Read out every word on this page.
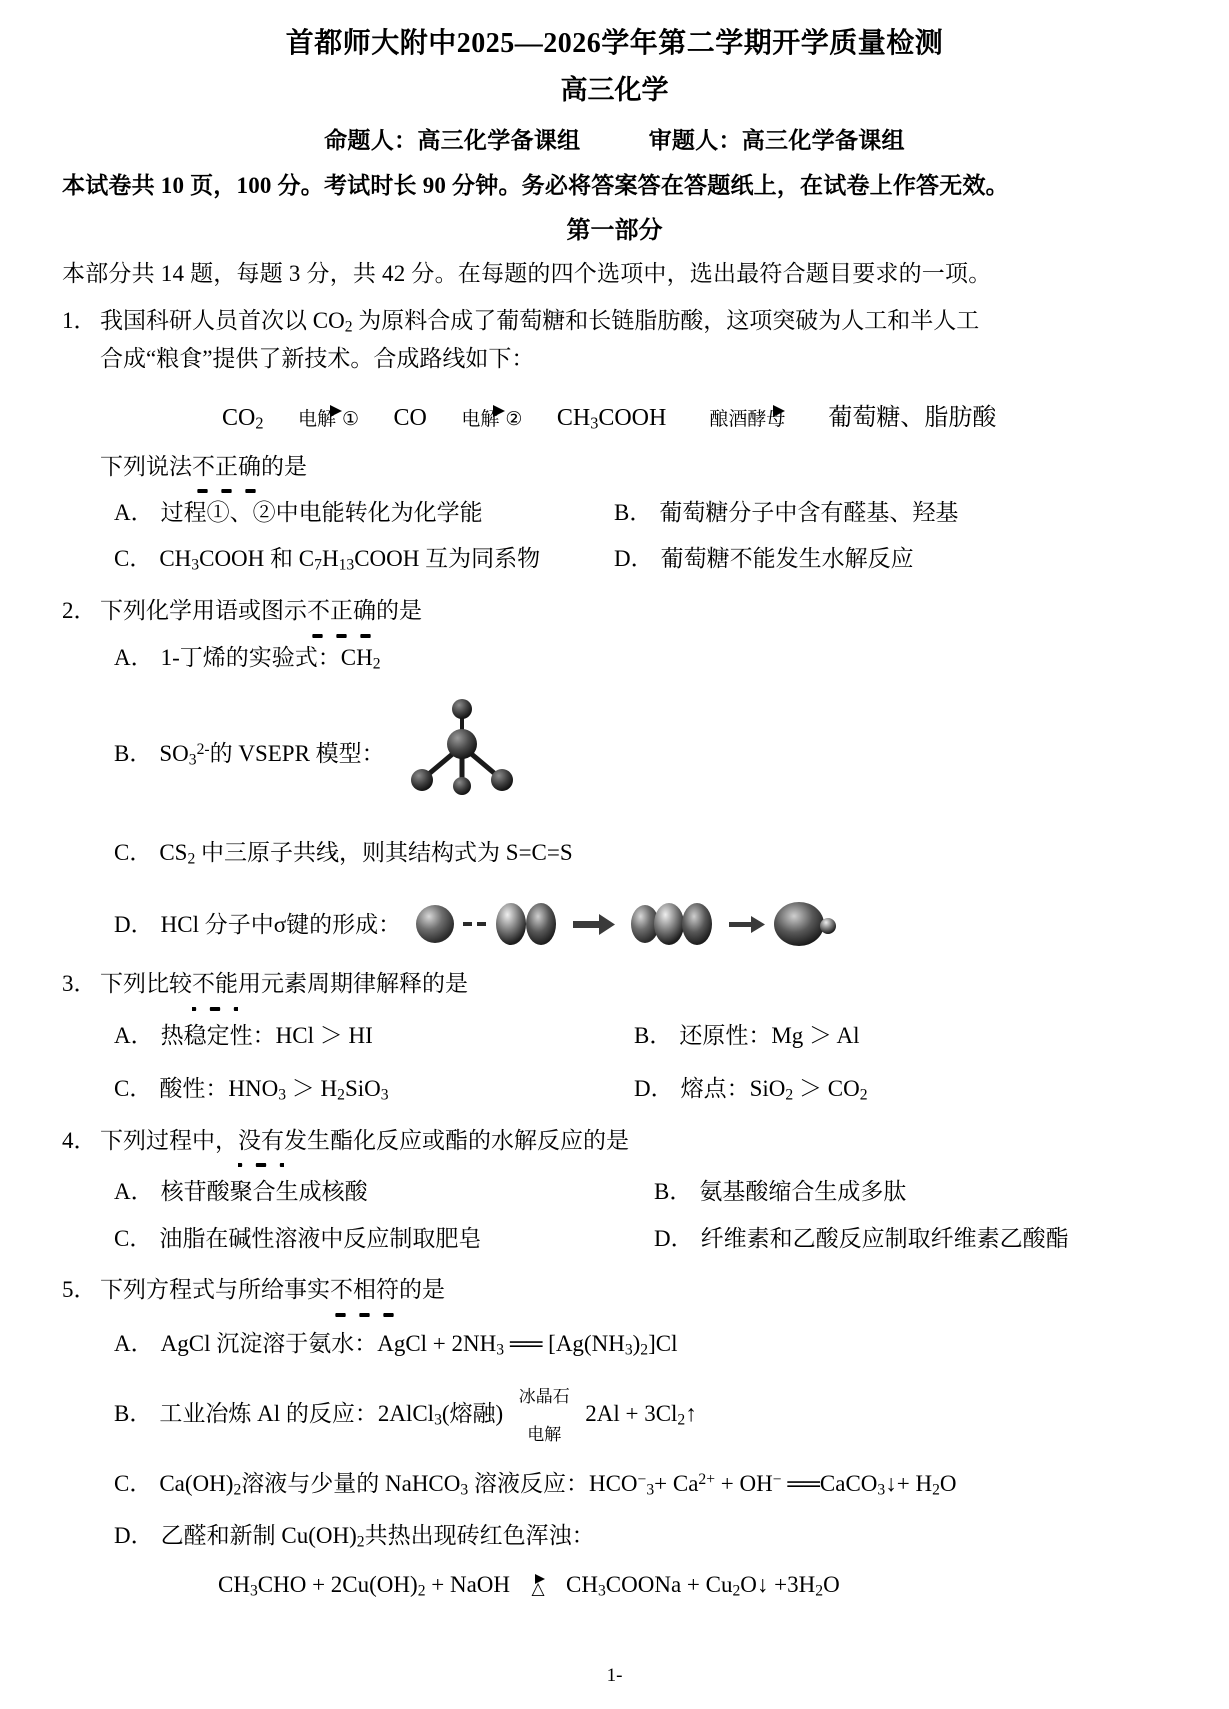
首都师大附中2025—2026学年第二学期开学质量检测
高三化学
命题人：高三化学备课组	审题人：高三化学备课组
本试卷共 10 页，100 分。考试时长 90 分钟。务必将答案答在答题纸上，在试卷上作答无效。
第一部分
本部分共 14 题，每题 3 分，共 42 分。在每题的四个选项中，选出最符合题目要求的一项。
1． 我国科研人员首次以 $CO_2$ 为原料合成了葡萄糖和长链脂肪酸，这项突破为人工和半人工
合成“粮食”提供了新技术。合成路线如下：
$CO_2$	电解 ①	CO	电解 ②	$CH_3COOH$	酿酒酵母	葡萄糖、脂肪酸
下列说法不正确的是
A． 过程①、②中电能转化为化学能	B． 葡萄糖分子中含有醛基、羟基
C． $CH_3COOH$ 和 $C_7H_{13}COOH$ 互为同系物	D． 葡萄糖不能发生水解反应
2． 下列化学用语或图示不正确的是
A． 1-丁烯的实验式：$CH_2$
B． $SO_3^{2-}$的 VSEPR 模型：
C． $CS_2$ 中三原子共线，则其结构式为 S=C=S
D． HCl 分子中σ键的形成：
3． 下列比较不能用元素周期律解释的是
A． 热稳定性：HCl ＞ HI	B． 还原性：Mg ＞ Al
C． 酸性：$HNO_3 > H_2SiO_3$	D． 熔点：$SiO_2 > CO_2$
4． 下列过程中，没有发生酯化反应或酯的水解反应的是
A． 核苷酸聚合生成核酸	B． 氨基酸缩合生成多肽
C． 油脂在碱性溶液中反应制取肥皂	D． 纤维素和乙酸反应制取纤维素乙酸酯
5． 下列方程式与所给事实不相符的是
A． AgCl 沉淀溶于氨水：AgCl + $2NH_3$ ══ $[Ag(NH_3)_2]Cl$
B． 工业冶炼 Al 的反应：2AlCl$_3$(熔融)
冰晶石 电解
$2Al + 3Cl_2↑$
C． $Ca(OH)_2$溶液与少量的 NaHCO$_3$ 溶液反应：$HCO^-_3+ Ca^{2+} + OH^-$ ══CaCO$_3$↓+ $H_2O$
D． 乙醛和新制 $Cu(OH)_2$共热出现砖红色浑浊：
$CH_3CHO + 2Cu(OH)_2$ + NaOH △ $CH_3COONa$ + $Cu_2O↓ +3H_2O$
1-
